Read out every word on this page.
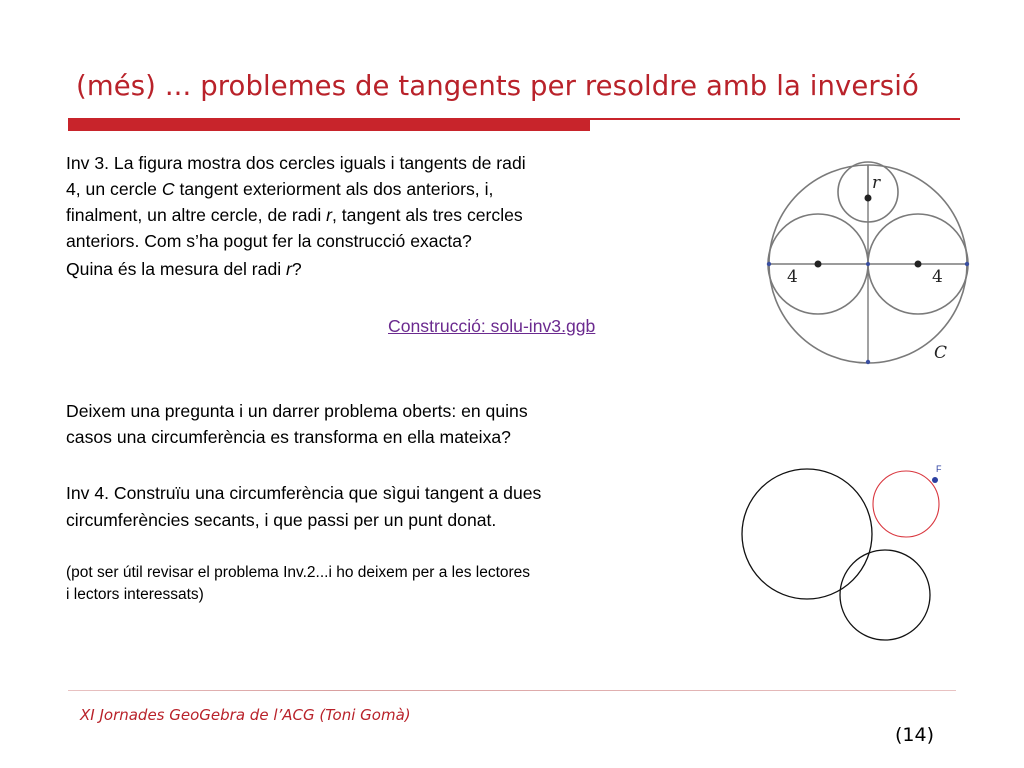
(més) ... problemes de tangents per resoldre amb la inversió
Inv 3. La figura mostra dos cercles iguals i tangents de radi
4, un cercle C tangent exteriorment als dos anteriors, i,
finalment, un altre cercle, de radi r, tangent als tres cercles
anteriors. Com s’ha pogut fer la construcció exacta?
Quina és la mesura del radi r?
Construcció: solu-inv3.ggb
Deixem una pregunta i un darrer problema oberts: en quins
casos una circumferència es transforma en ella mateixa?
Inv 4. Construïu una circumferència que sìgui tangent a dues
circumferències secants, i que passi per un punt donat.
(pot ser útil revisar el problema Inv.2...i ho deixem per a les lectores
i lectors interessats)
r
4	4
C
F
XI Jornades GeoGebra de l’ACG (Toni Gomà)
(14)
